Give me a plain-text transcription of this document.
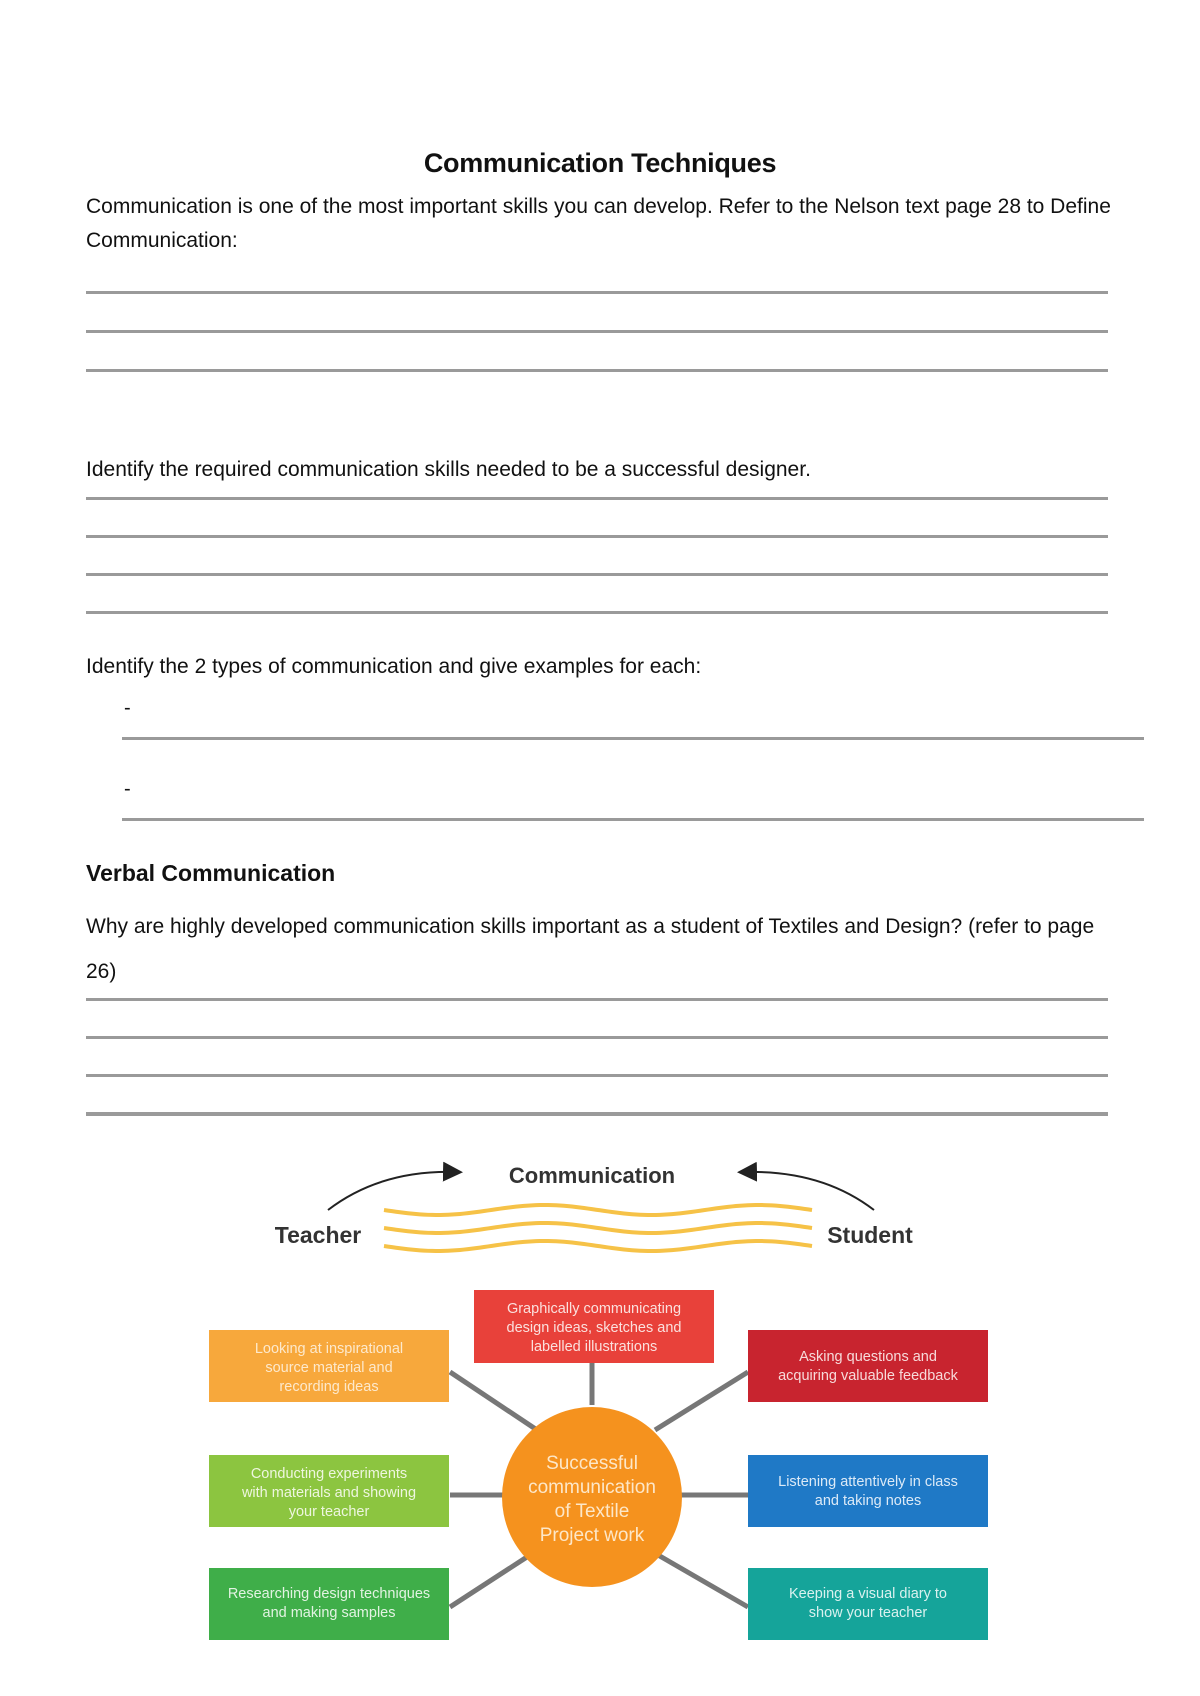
Communication Techniques
Communication is one of the most important skills you can develop. Refer to the Nelson text page 28 to Define Communication:
Identify the required communication skills needed to be a successful designer.
Identify the 2 types of communication and give examples for each:
-
-
Verbal Communication
Why are highly developed communication skills important as a student of Textiles and Design? (refer to page 26)
Communication
Teacher	Student
Successful
communication
of Textile
Project work
Graphically communicating
design ideas, sketches and
labelled illustrations
Looking at inspirational
source material and
recording ideas
Asking questions and
acquiring valuable feedback
Conducting experiments
with materials and showing
your teacher
Listening attentively in class
and taking notes
Researching design techniques
and making samples
Keeping a visual diary to
show your teacher
